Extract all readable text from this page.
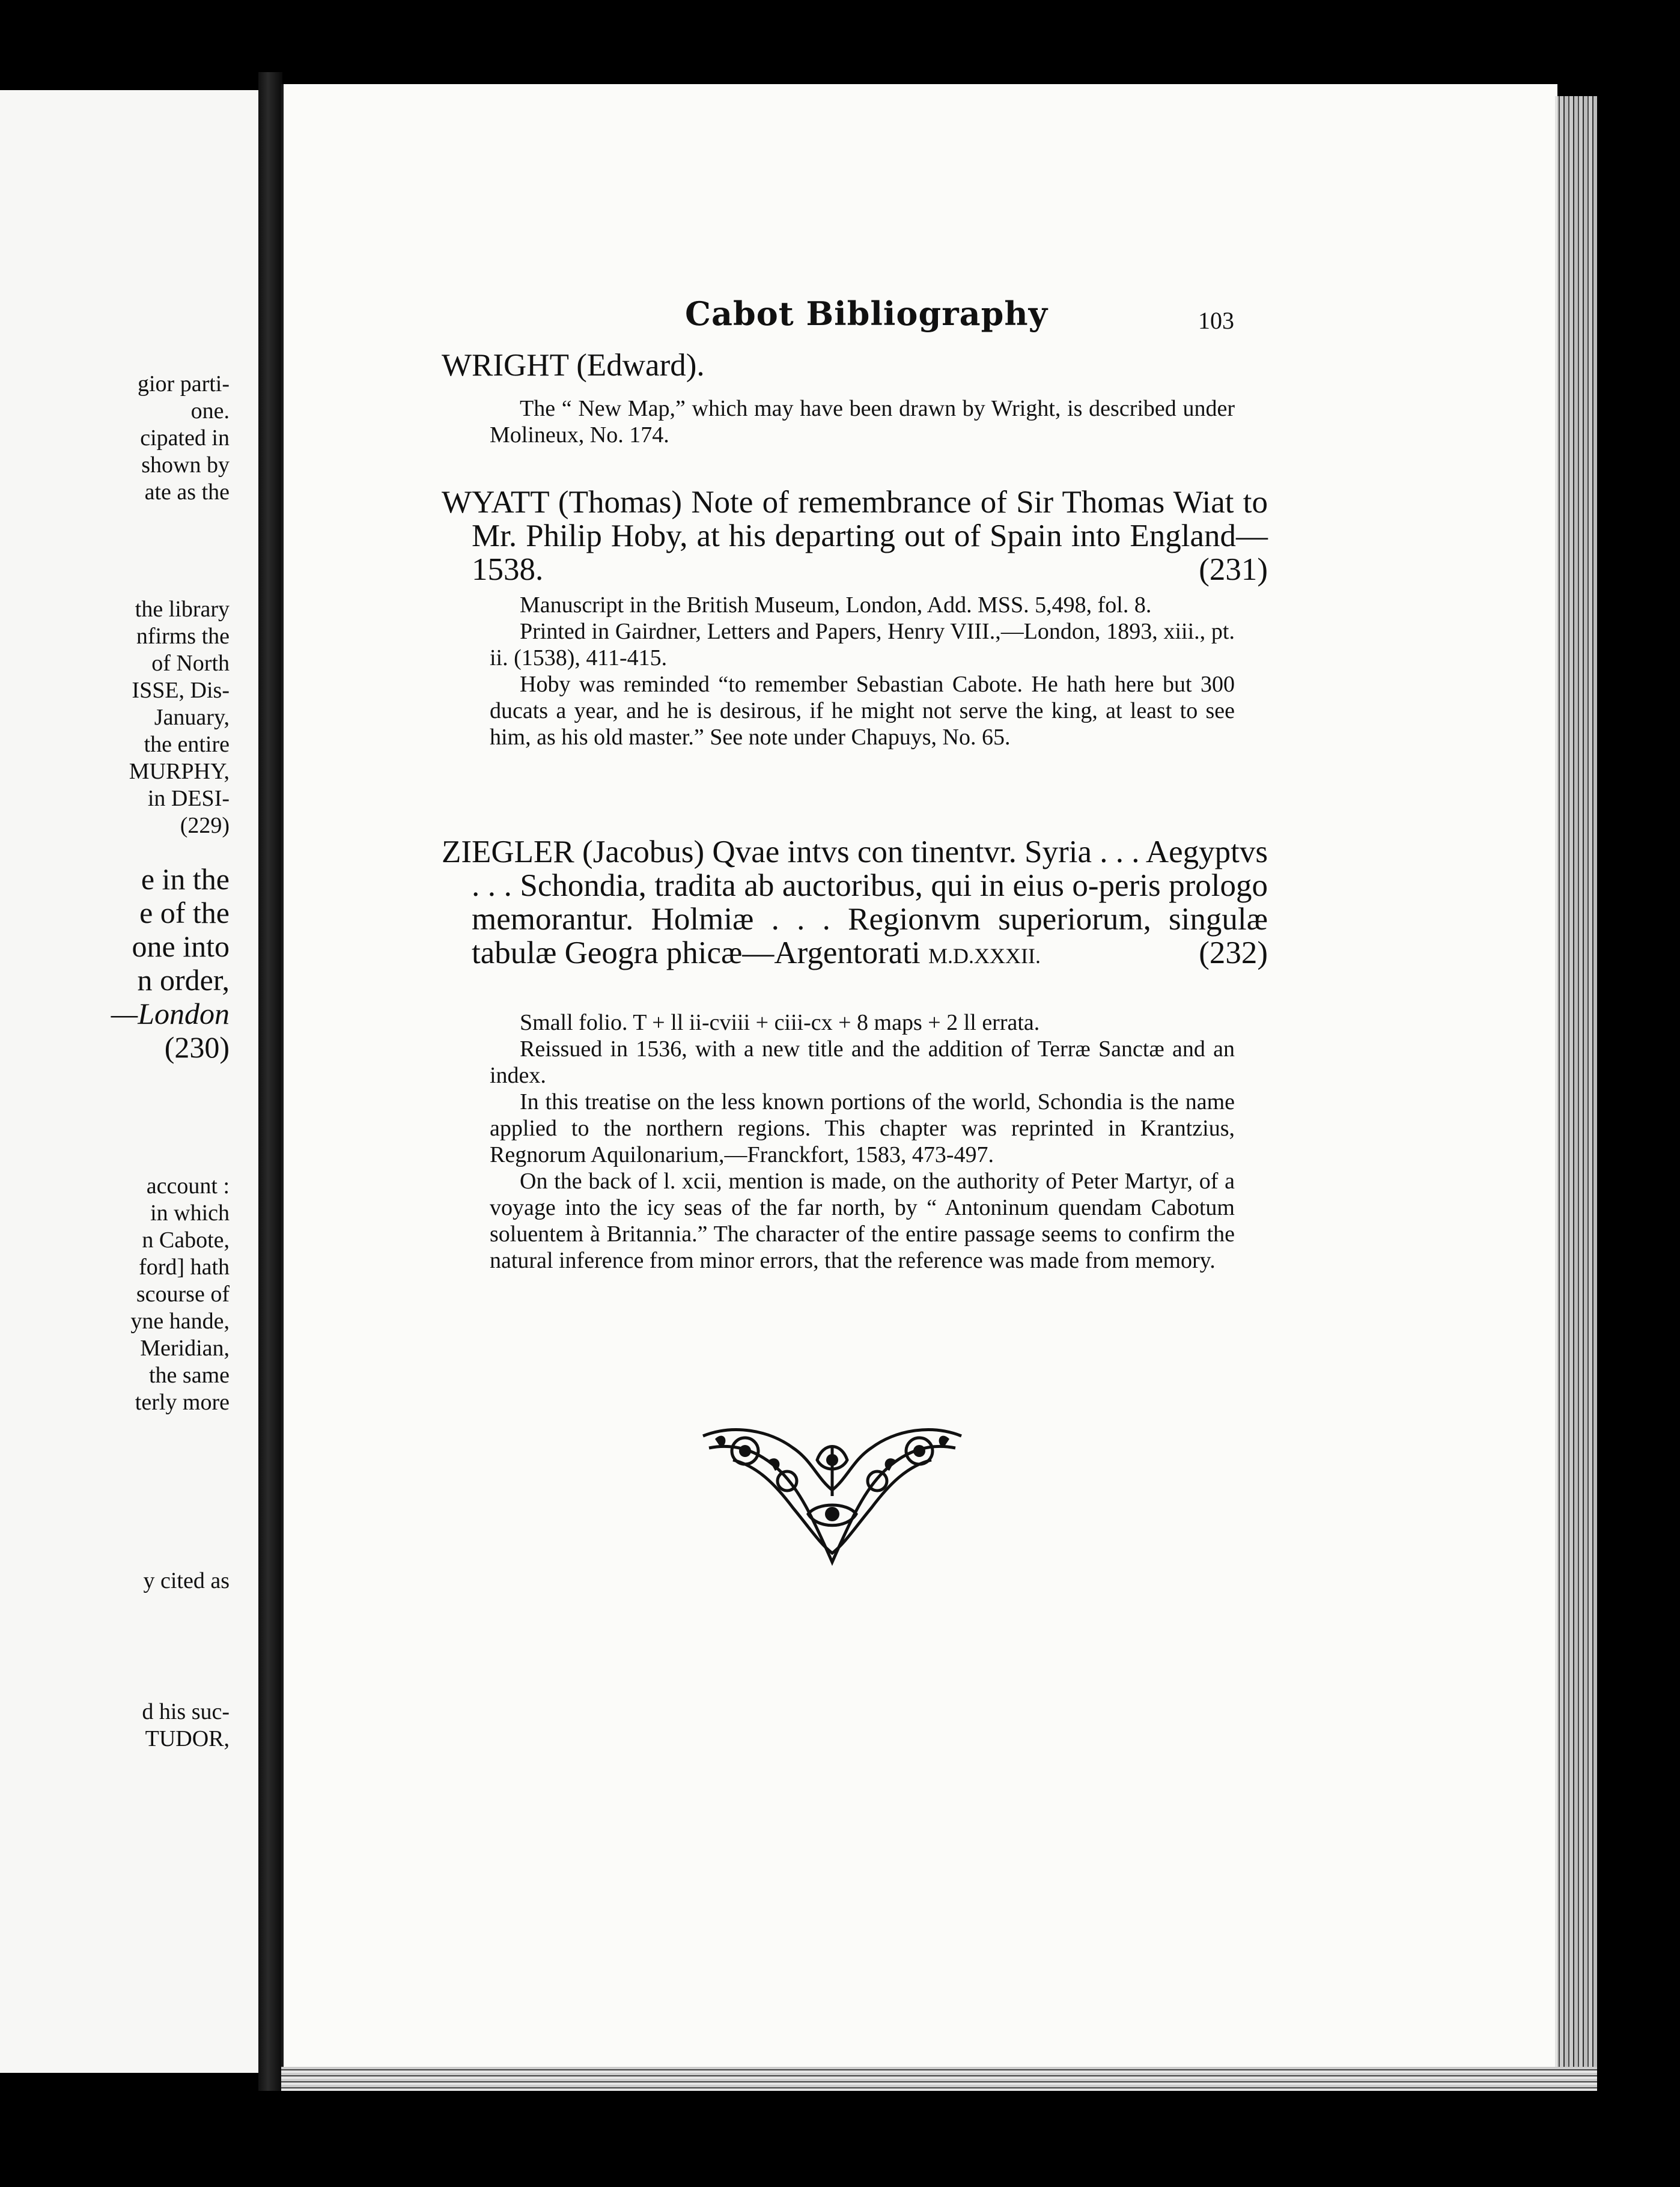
gior parti-
one.
cipated in
shown by
ate as the
the library
nfirms the
of North
ISSE, Dis-
January,
the entire
MURPHY,
in DESI-
(229)
e in the
e of the
one into
n order,
—London
(230)
account :
in which
n Cabote,
ford] hath
scourse of
yne hande,
Meridian,
the same
terly more
y cited as
d his suc-
TUDOR,
Cabot Bibliography	103
WRIGHT (Edward).

The “ New Map,” which may have been drawn by Wright, is described under Molineux, No. 174.

WYATT (Thomas) Note of remembrance of Sir Thomas Wiat to Mr. Philip Hoby, at his departing out of Spain into England—1538.	(231)

Manuscript in the British Museum, London, Add. MSS. 5,498, fol. 8.

Printed in Gairdner, Letters and Papers, Henry VIII.,—London, 1893, xiii., pt. ii. (1538), 411-415.

Hoby was reminded “to remember Sebastian Cabote. He hath here but 300 ducats a year, and he is desirous, if he might not serve the king, at least to see him, as his old master.” See note under Chapuys, No. 65.

ZIEGLER (Jacobus) Qvae intvs con tinentvr. Syria . . . Aegyptvs . . . Schondia, tradita ab auctoribus, qui in eius o-peris prologo memorantur. Holmiæ . . . Regionvm superiorum, singulæ tabulæ Geogra phicæ—Argentorati M.D.XXXII.	(232)

Small folio. T + ll ii-cviii + ciii-cx + 8 maps + 2 ll errata.

Reissued in 1536, with a new title and the addition of Terræ Sanctæ and an index.

In this treatise on the less known portions of the world, Schondia is the name applied to the northern regions. This chapter was reprinted in Krantzius, Regnorum Aquilonarium,—Franckfort, 1583, 473-497.

On the back of l. xcii, mention is made, on the authority of Peter Martyr, of a voyage into the icy seas of the far north, by “ Antoninum quendam Cabotum soluentem à Britannia.” The character of the entire passage seems to confirm the natural inference from minor errors, that the reference was made from memory.
